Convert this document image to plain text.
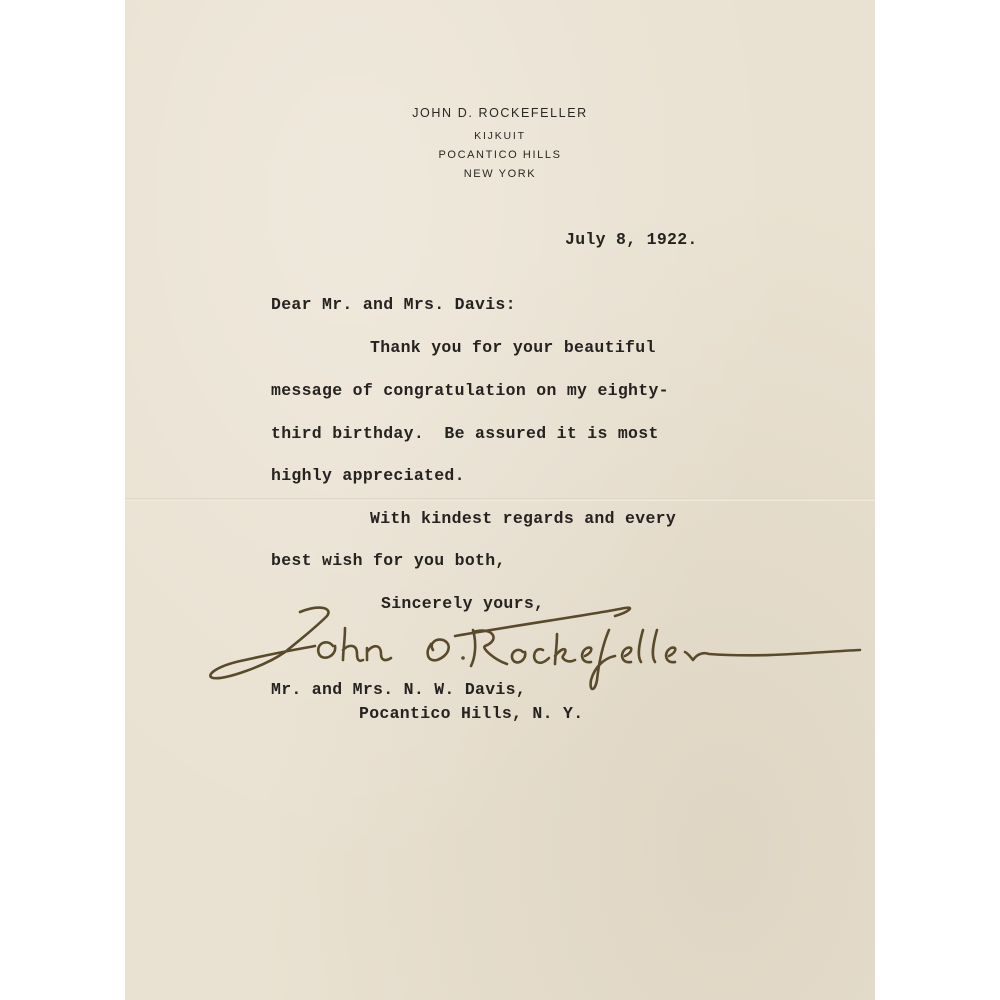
JOHN D. ROCKEFELLER
KIJKUIT
POCANTICO HILLS
NEW YORK
July 8, 1922.
Dear Mr. and Mrs. Davis:
Thank you for your beautiful
message of congratulation on my eighty-
third birthday.  Be assured it is most
highly appreciated.
With kindest regards and every
best wish for you both,
Sincerely yours,
Mr. and Mrs. N. W. Davis,
Pocantico Hills, N. Y.
